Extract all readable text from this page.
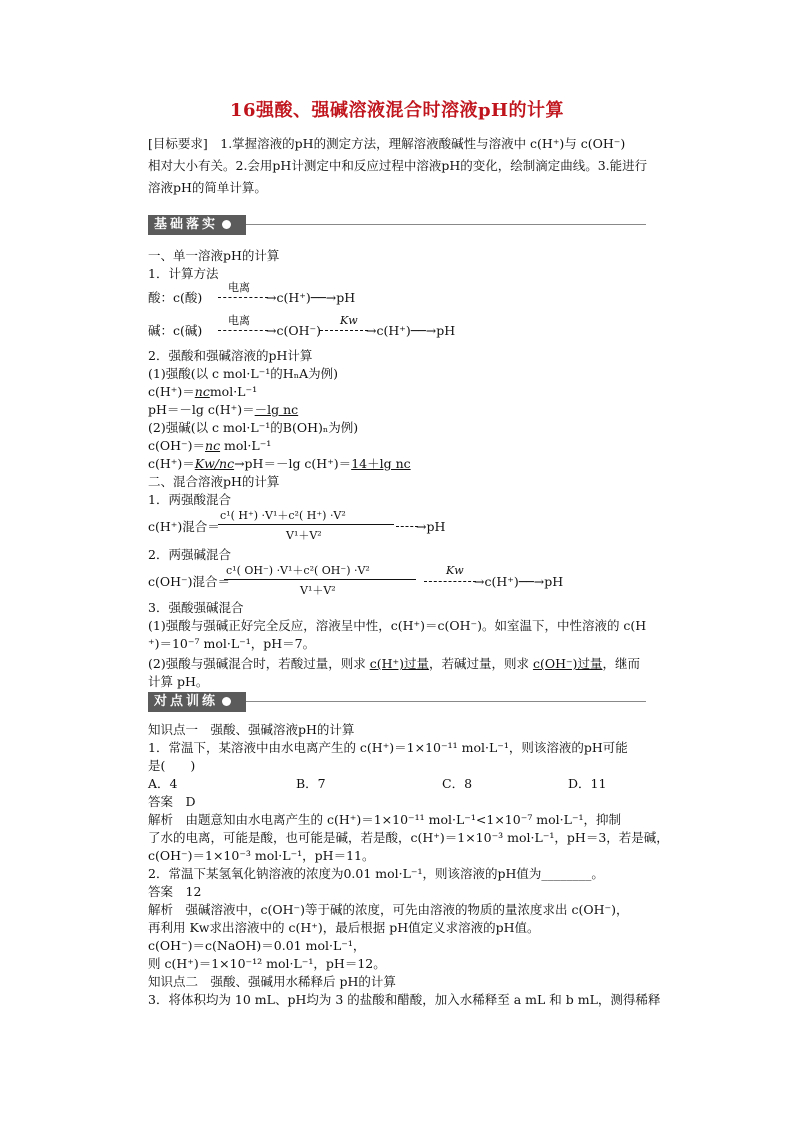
16强酸、强碱溶液混合时溶液pH的计算
[目标要求]　1.掌握溶液的pH的测定方法，理解溶液酸碱性与溶液中 c(H⁺)与 c(OH⁻)
相对大小有关。2.会用pH计测定中和反应过程中溶液pH的变化，绘制滴定曲线。3.能进行
溶液pH的简单计算。
基础落实
一、单一溶液pH的计算
1．计算方法
酸：c(酸)
电离
→c(H⁺)──→pH
碱：c(碱)
电离
→c(OH⁻)
Kw
→c(H⁺)──→pH
2．强酸和强碱溶液的pH计算
(1)强酸(以 c mol·L⁻¹的HₙA为例)
c(H⁺)＝ncmol·L⁻¹
pH＝－lg c(H⁺)＝－lg nc
(2)强碱(以 c mol·L⁻¹的B(OH)ₙ为例)
c(OH⁻)＝nc mol·L⁻¹
c(H⁺)＝Kw/nc→pH＝－lg c(H⁺)＝14＋lg nc
二、混合溶液pH的计算
1．两强酸混合
c(H⁺)混合＝
c¹( H⁺) ·V¹＋c²( H⁺) ·V²
V¹＋V²
→pH
2．两强碱混合
c(OH⁻)混合＝
c¹( OH⁻) ·V¹＋c²( OH⁻) ·V²
V¹＋V²
Kw
→c(H⁺)──→pH
3．强酸强碱混合
(1)强酸与强碱正好完全反应，溶液呈中性，c(H⁺)＝c(OH⁻)。如室温下，中性溶液的 c(H
⁺)＝10⁻⁷ mol·L⁻¹，pH＝7。
(2)强酸与强碱混合时，若酸过量，则求 c(H⁺)过量，若碱过量，则求 c(OH⁻)过量，继而
计算 pH。
对点训练
知识点一　强酸、强碱溶液pH的计算
1．常温下，某溶液中由水电离产生的 c(H⁺)＝1×10⁻¹¹ mol·L⁻¹，则该溶液的pH可能
是(　　)
A．4	B．7	C．8	D．11
答案　D
解析　由题意知由水电离产生的 c(H⁺)＝1×10⁻¹¹ mol·L⁻¹<1×10⁻⁷ mol·L⁻¹，抑制
了水的电离，可能是酸，也可能是碱，若是酸，c(H⁺)＝1×10⁻³ mol·L⁻¹，pH＝3，若是碱，
c(OH⁻)＝1×10⁻³ mol·L⁻¹，pH＝11。
2．常温下某氢氧化钠溶液的浓度为0.01 mol·L⁻¹，则该溶液的pH值为________。
答案　12
解析　强碱溶液中，c(OH⁻)等于碱的浓度，可先由溶液的物质的量浓度求出 c(OH⁻)，
再利用 Kw求出溶液中的 c(H⁺)，最后根据 pH值定义求溶液的pH值。
c(OH⁻)＝c(NaOH)＝0.01 mol·L⁻¹，
则 c(H⁺)＝1×10⁻¹² mol·L⁻¹，pH＝12。
知识点二　强酸、强碱用水稀释后 pH的计算
3．将体积均为 10 mL、pH均为 3 的盐酸和醋酸，加入水稀释至 a mL 和 b mL，测得稀释
